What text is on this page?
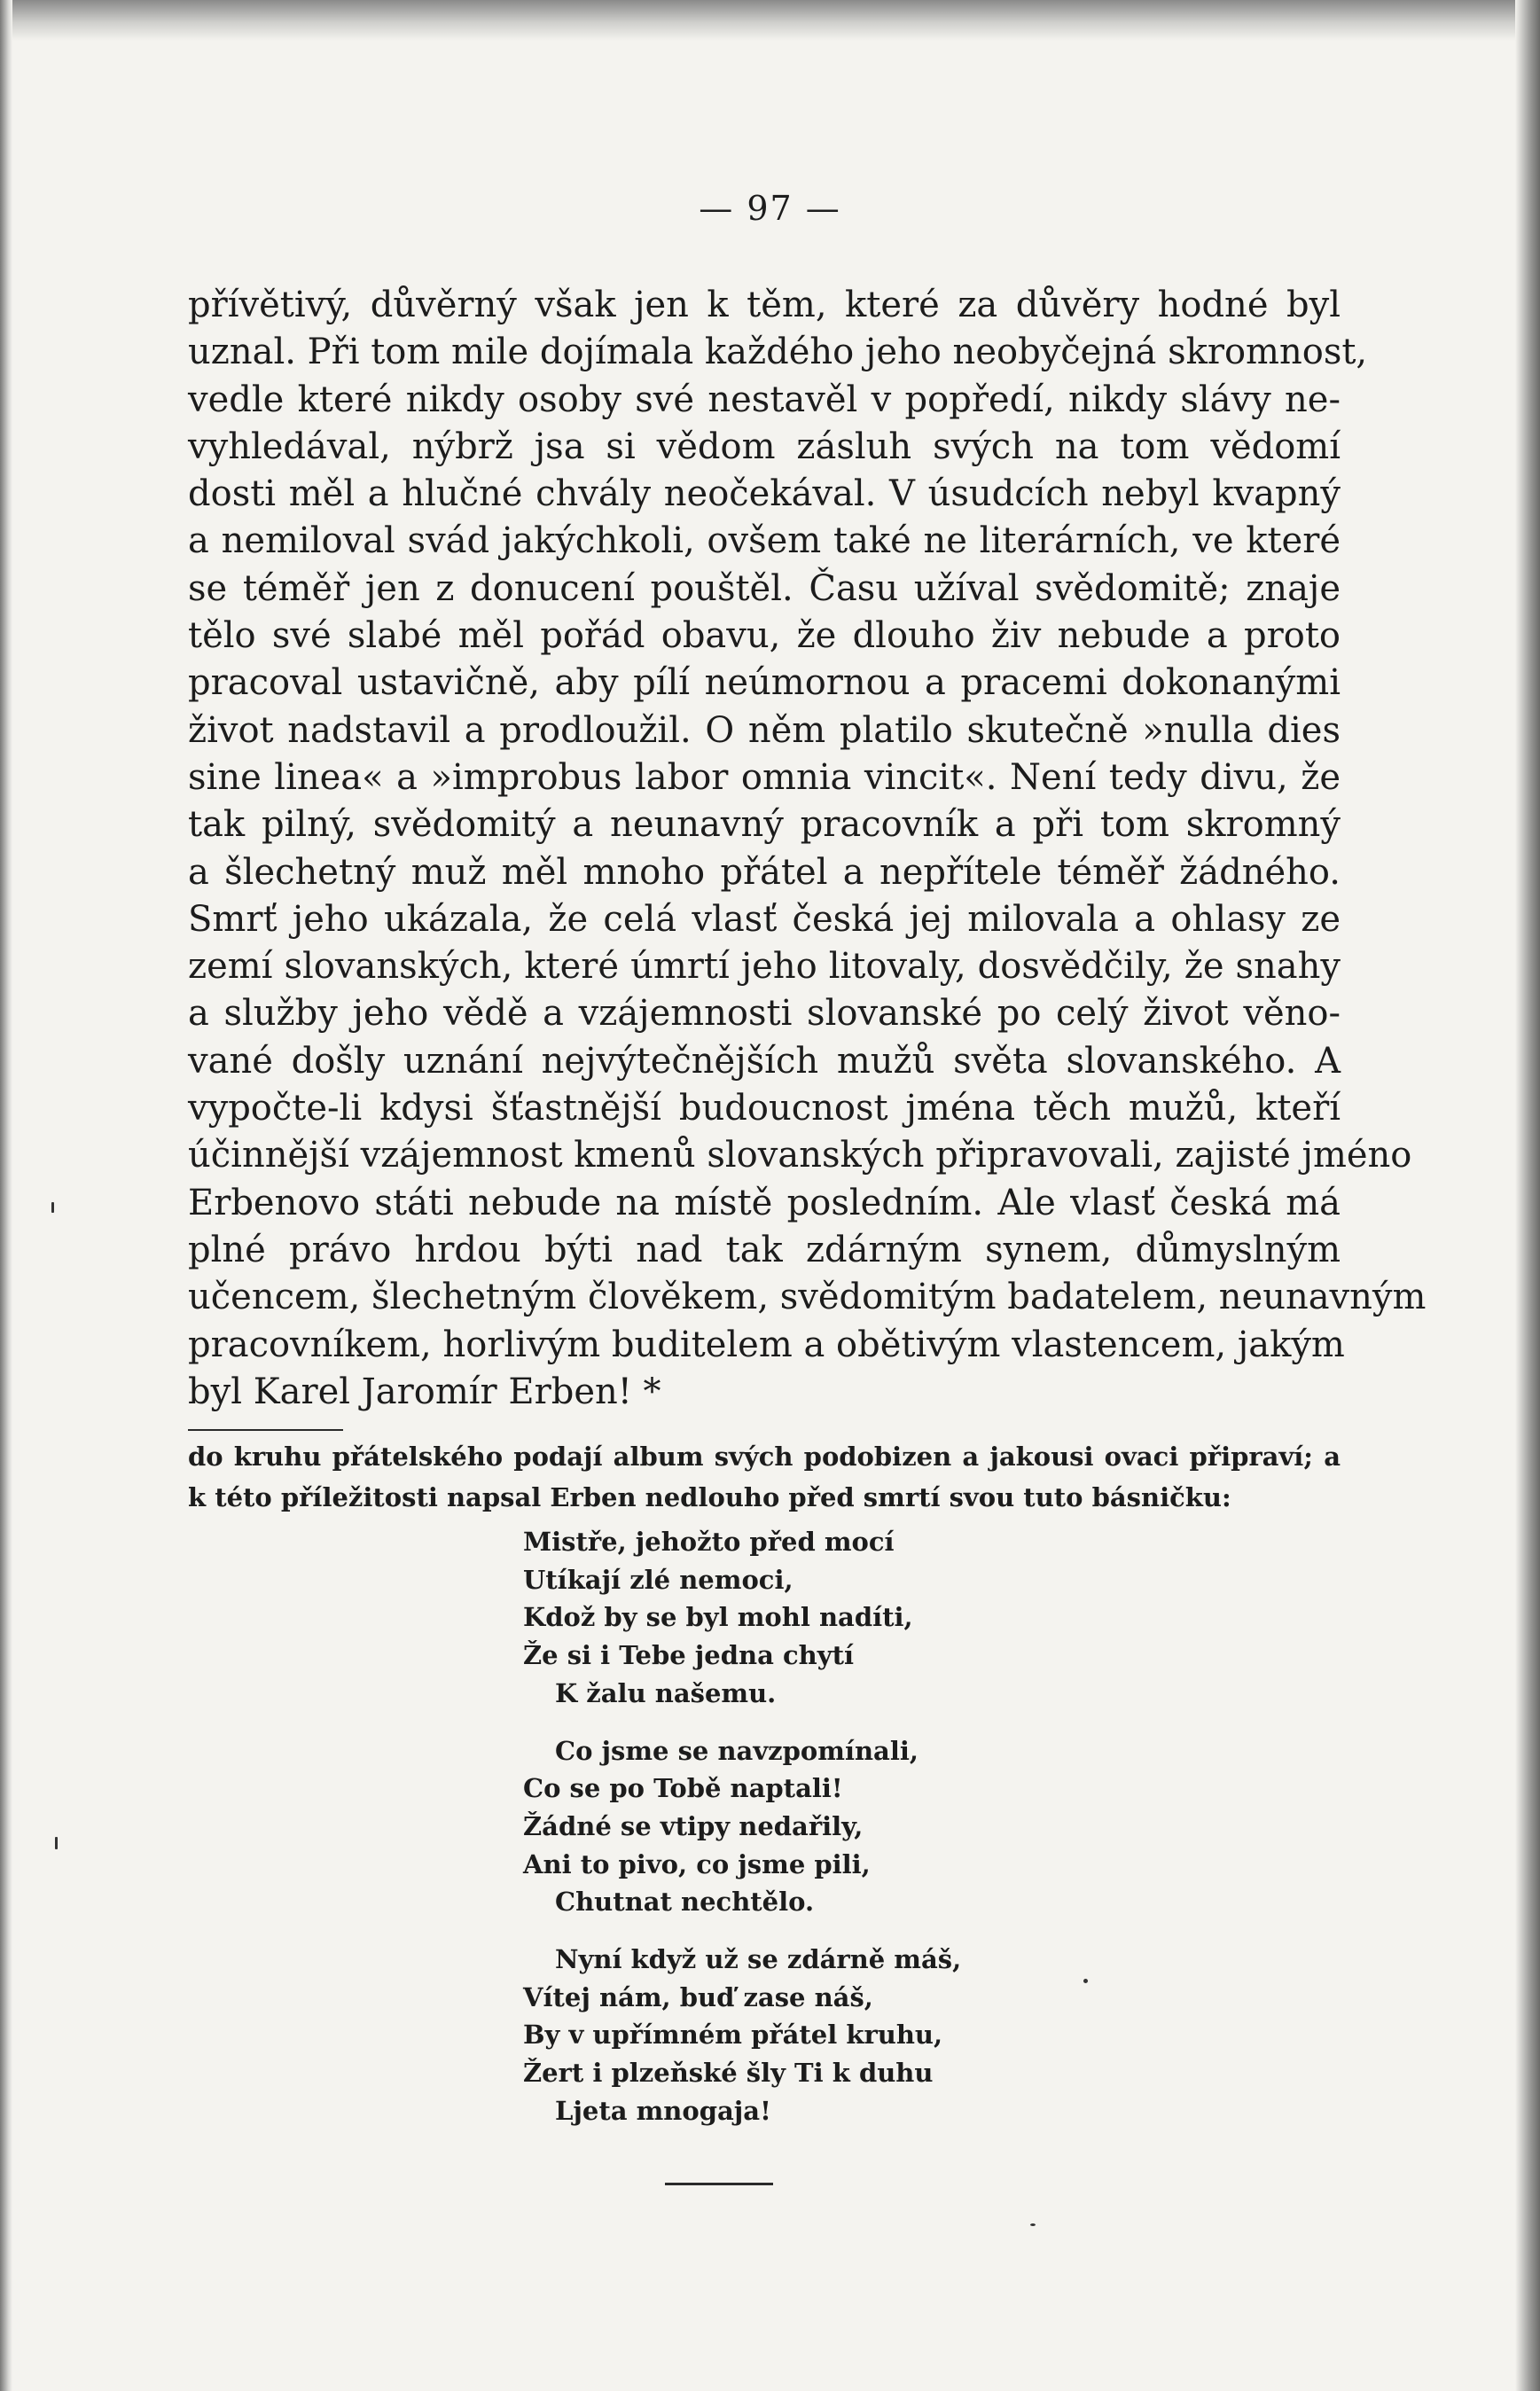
— 97 —
přívětivý, důvěrný však jen k těm, které za důvěry hodné byl
uznal. Při tom mile dojímala každého jeho neobyčejná skromnost,
vedle které nikdy osoby své nestavěl v popředí, nikdy slávy ne-
vyhledával, nýbrž jsa si vědom zásluh svých na tom vědomí
dosti měl a hlučné chvály neočekával. V úsudcích nebyl kvapný
a nemiloval svád jakýchkoli, ovšem také ne literárních, ve které
se téměř jen z donucení pouštěl. Času užíval svědomitě; znaje
tělo své slabé měl pořád obavu, že dlouho živ nebude a proto
pracoval ustavičně, aby pílí neúmornou a pracemi dokonanými
život nadstavil a prodloužil. O něm platilo skutečně »nulla dies
sine linea« a »improbus labor omnia vincit«. Není tedy divu, že
tak pilný, svědomitý a neunavný pracovník a při tom skromný
a šlechetný muž měl mnoho přátel a nepřítele téměř žádného.
Smrť jeho ukázala, že celá vlasť česká jej milovala a ohlasy ze
zemí slovanských, které úmrtí jeho litovaly, dosvědčily, že snahy
a služby jeho vědě a vzájemnosti slovanské po celý život věno-
vané došly uznání nejvýtečnějších mužů světa slovanského. A
vypočte-li kdysi šťastnější budoucnost jména těch mužů, kteří
účinnější vzájemnost kmenů slovanských připravovali, zajisté jméno
Erbenovo státi nebude na místě posledním. Ale vlasť česká má
plné právo hrdou býti nad tak zdárným synem, důmyslným
učencem, šlechetným člověkem, svědomitým badatelem, neunavným
pracovníkem, horlivým buditelem a obětivým vlastencem, jakým
byl Karel Jaromír Erben! *
do kruhu přátelského podají album svých podobizen a jakousi ovaci připraví; a
k této příležitosti napsal Erben nedlouho před smrtí svou tuto básničku:
Mistře, jehožto před mocí
Utíkají zlé nemoci,
Kdož by se byl mohl nadíti,
Že si i Tebe jedna chytí
K žalu našemu.
Co jsme se navzpomínali,
Co se po Tobě naptali!
Žádné se vtipy nedařily,
Ani to pivo, co jsme pili,
Chutnat nechtělo.
Nyní když už se zdárně máš,
Vítej nám, buď zase náš,
By v upřímném přátel kruhu,
Žert i plzeňské šly Ti k duhu
Ljeta mnogaja!
